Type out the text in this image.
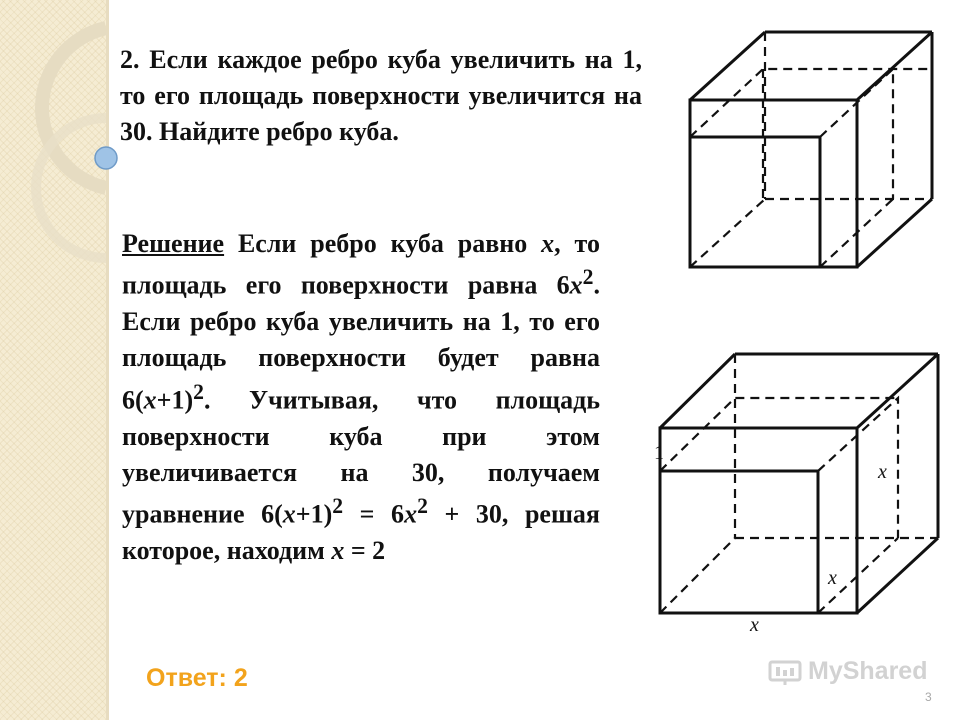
2. Если каждое ребро куба увеличить на 1, то его площадь поверхности увеличится на 30. Найдите ребро куба.

Решение Если ребро куба равно x, то площадь его поверхности равна $6x^2$. Если ребро куба увеличить на 1, то его площадь поверхности будет равна $6(x+1)^2$. Учитывая, что площадь поверхности куба при этом увеличивается на 30, получаем уравнение $6(x+1)^2 = 6x^2 + 30$, решая которое, находим x = 2

Ответ: 2
1
x
x
x
MyShared
3
